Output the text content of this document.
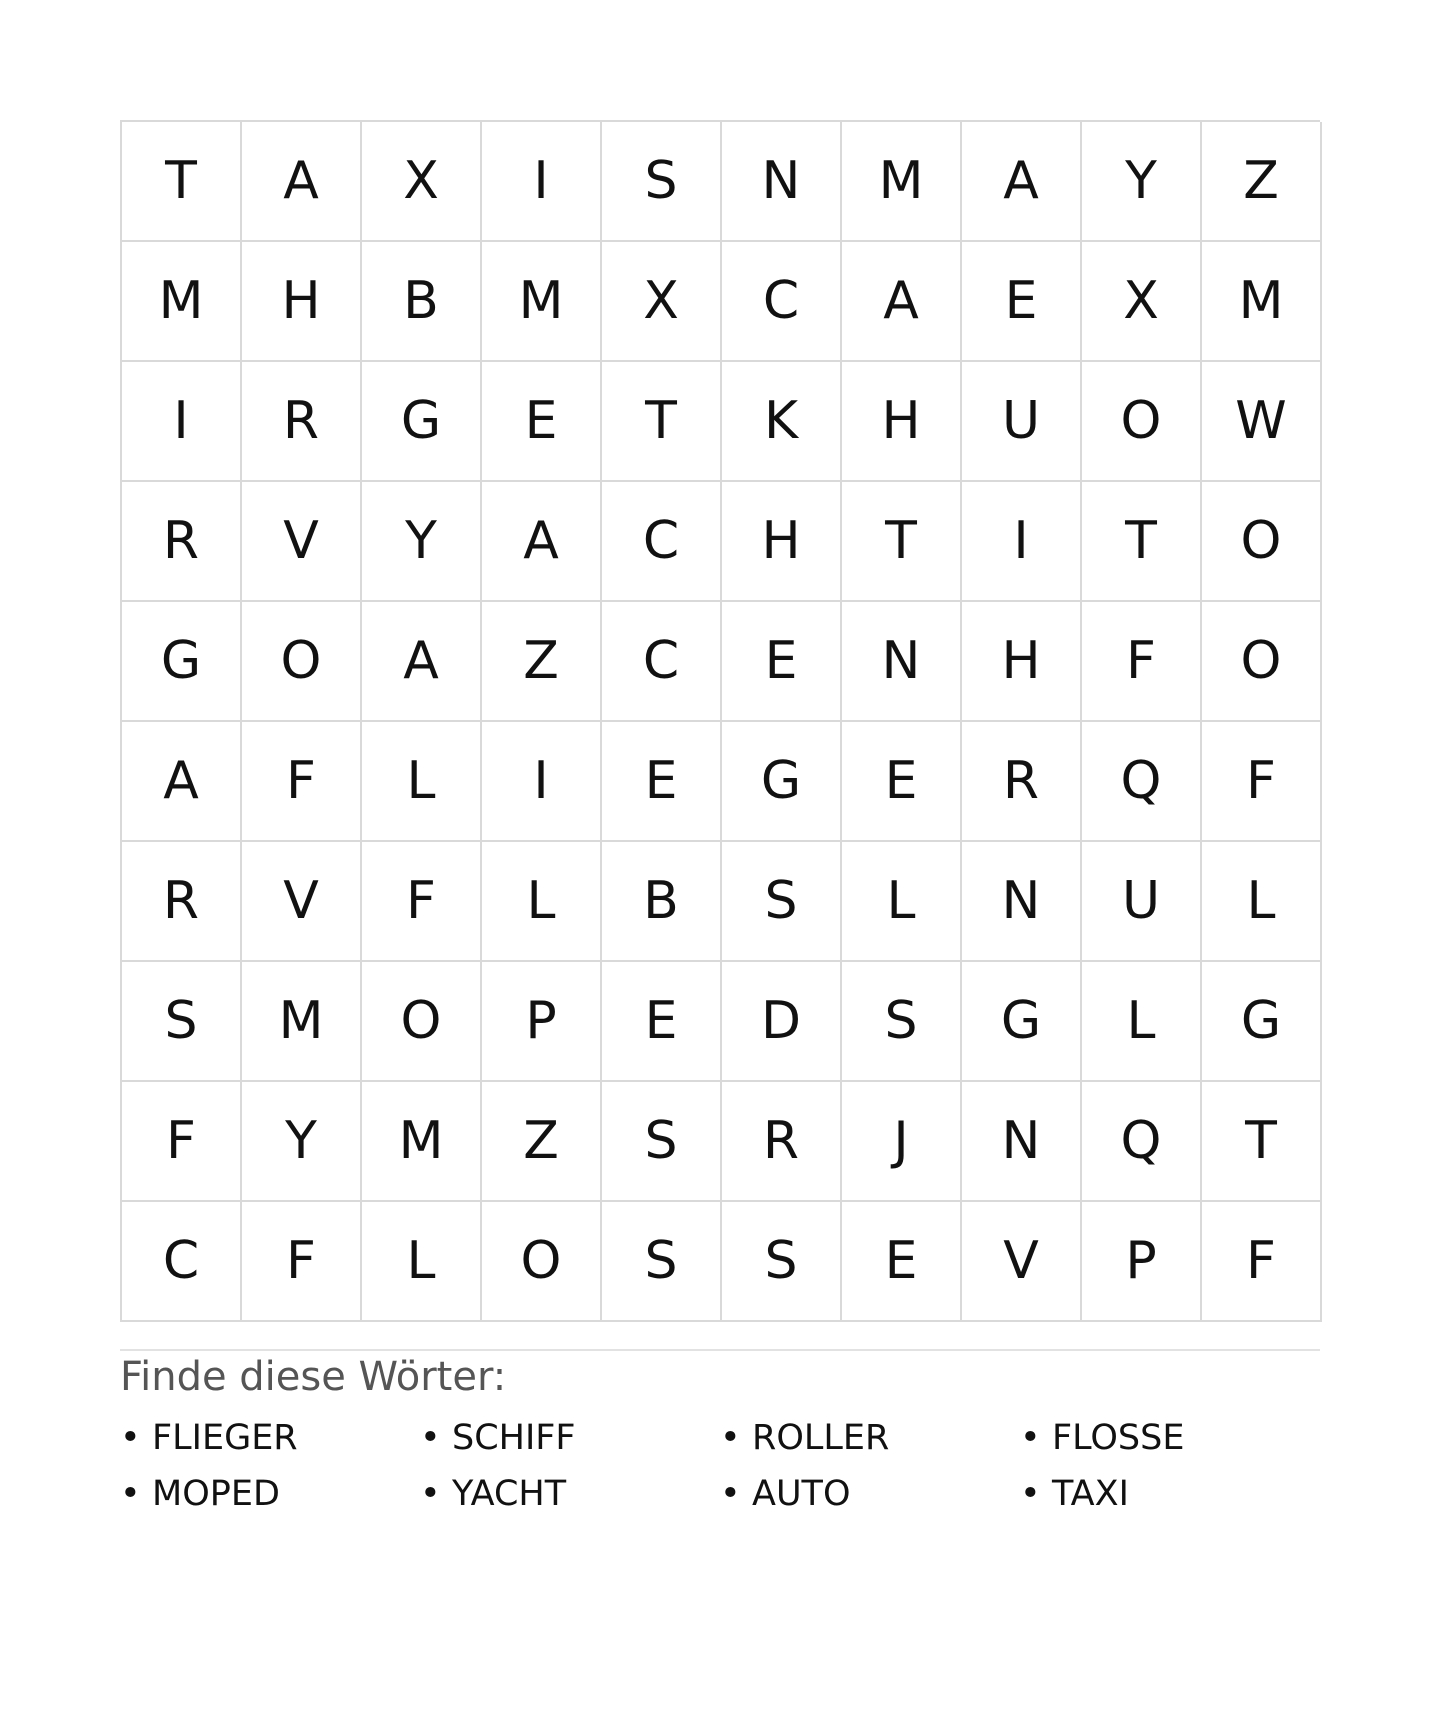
T	A	X	I	S	N	M	A	Y	Z
M	H	B	M	X	C	A	E	X	M
I	R	G	E	T	K	H	U	O	W
R	V	Y	A	C	H	T	I	T	O
G	O	A	Z	C	E	N	H	F	O
A	F	L	I	E	G	E	R	Q	F
R	V	F	L	B	S	L	N	U	L
S	M	O	P	E	D	S	G	L	G
F	Y	M	Z	S	R	J	N	Q	T
C	F	L	O	S	S	E	V	P	F
Finde diese Wörter:
• FLIEGER	• SCHIFF	• ROLLER	• FLOSSE
• MOPED	• YACHT	• AUTO	• TAXI
